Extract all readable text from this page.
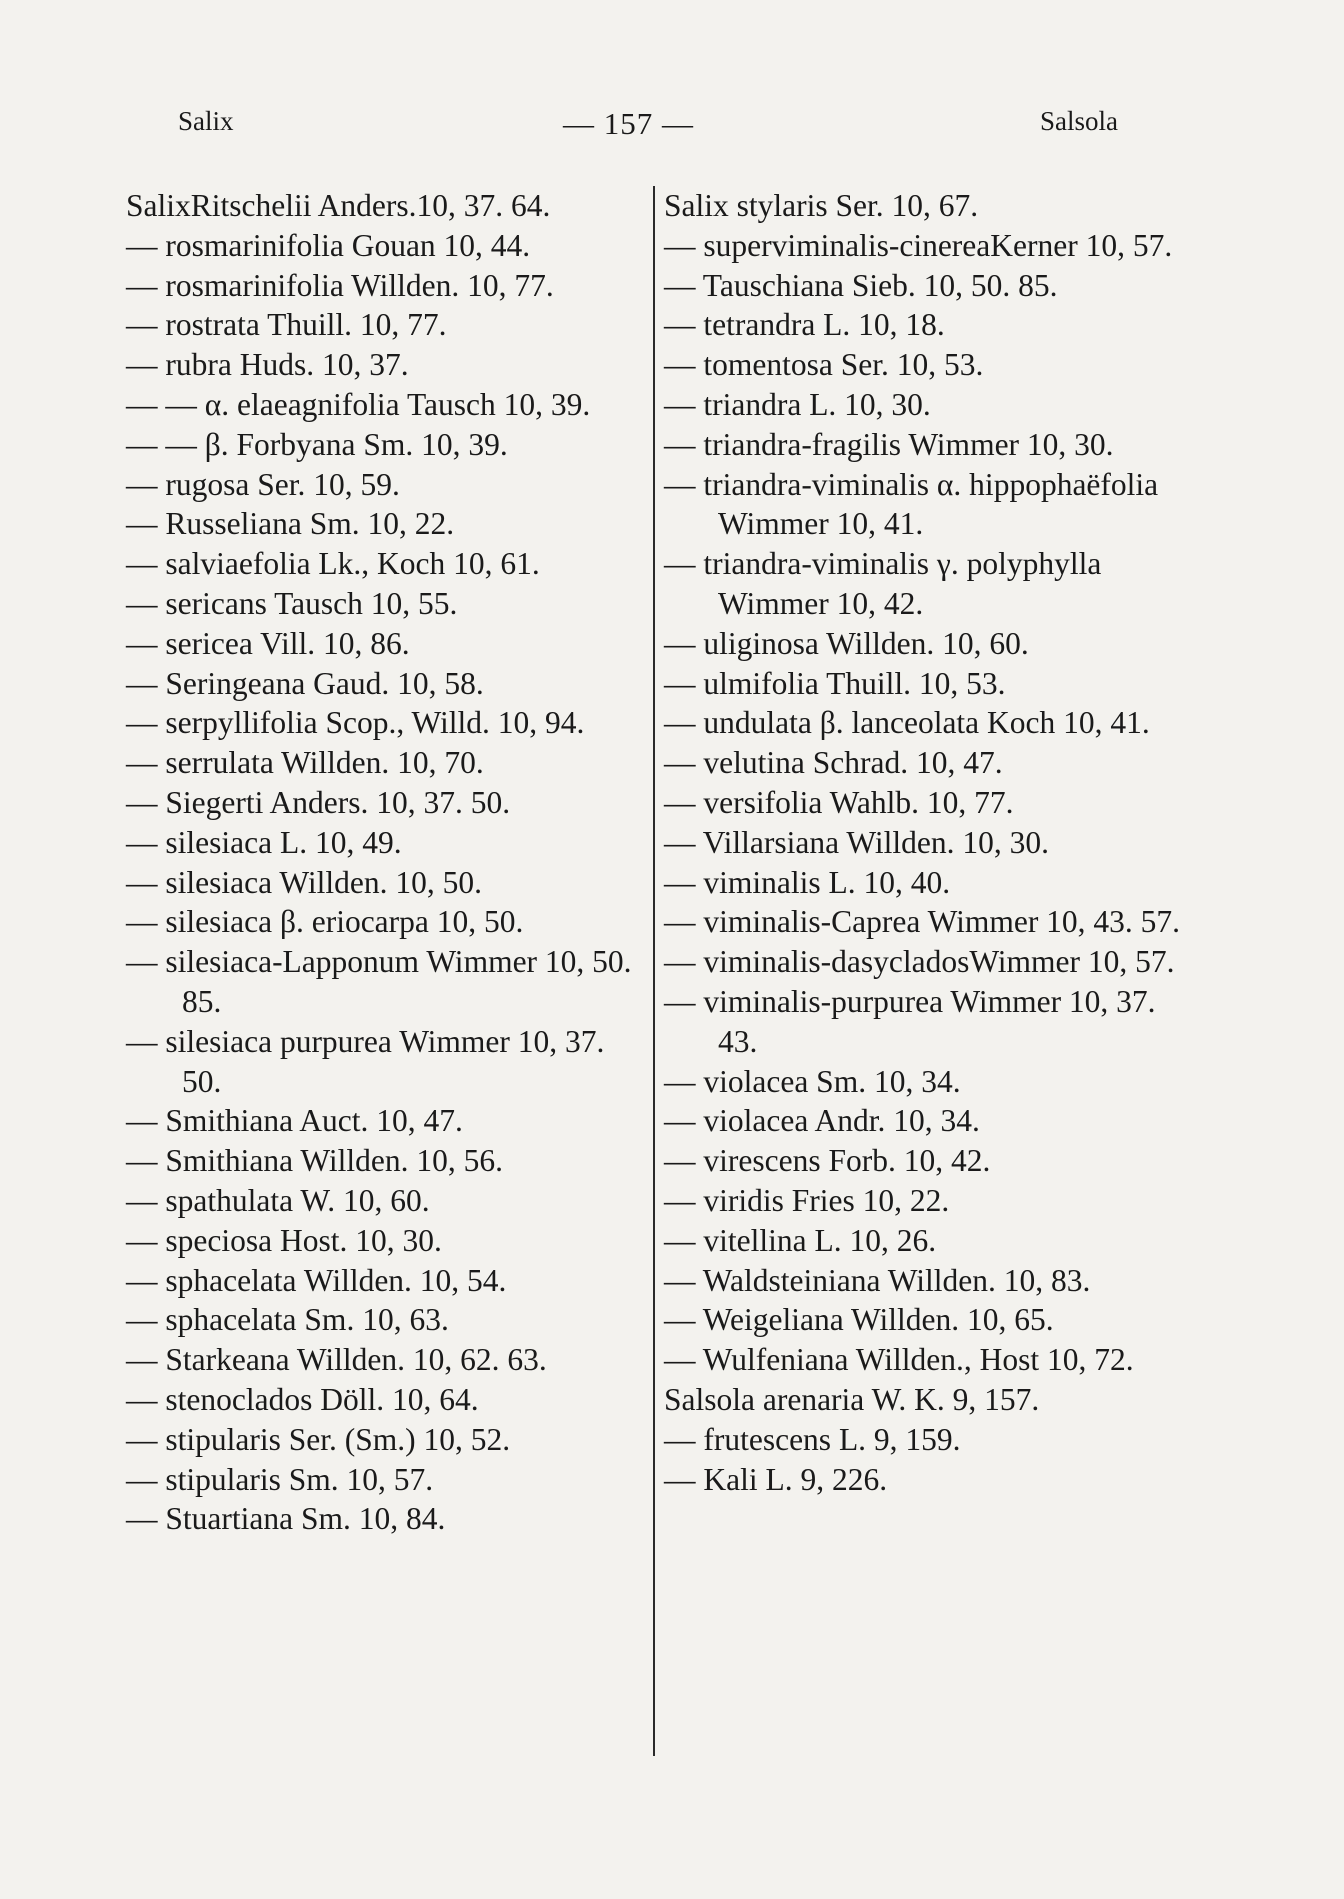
Salix	— 157 —	Salsola

SalixRitschelii Anders.10, 37. 64.

— rosmarinifolia Gouan 10, 44.

— rosmarinifolia Willden. 10, 77.

— rostrata Thuill. 10, 77.

— rubra Huds. 10, 37.

— — α. elaeagnifolia Tausch 10, 39.

— — β. Forbyana Sm. 10, 39.

— rugosa Ser. 10, 59.

— Russeliana Sm. 10, 22.

— salviaefolia Lk., Koch 10, 61.

— sericans Tausch 10, 55.

— sericea Vill. 10, 86.

— Seringeana Gaud. 10, 58.

— serpyllifolia Scop., Willd. 10, 94.

— serrulata Willden. 10, 70.

— Siegerti Anders. 10, 37. 50.

— silesiaca L. 10, 49.

— silesiaca Willden. 10, 50.

— silesiaca β. eriocarpa 10, 50.

— silesiaca-Lapponum Wimmer 10, 50. 85.

— silesiaca purpurea Wimmer 10, 37. 50.

— Smithiana Auct. 10, 47.

— Smithiana Willden. 10, 56.

— spathulata W. 10, 60.

— speciosa Host. 10, 30.

— sphacelata Willden. 10, 54.

— sphacelata Sm. 10, 63.

— Starkeana Willden. 10, 62. 63.

— stenoclados Döll. 10, 64.

— stipularis Ser. (Sm.) 10, 52.

— stipularis Sm. 10, 57.

— Stuartiana Sm. 10, 84.

Salix stylaris Ser. 10, 67.

— superviminalis-cinereaKerner 10, 57.

— Tauschiana Sieb. 10, 50. 85.

— tetrandra L. 10, 18.

— tomentosa Ser. 10, 53.

— triandra L. 10, 30.

— triandra-fragilis Wimmer 10, 30.

— triandra-viminalis α. hippophaëfolia Wimmer 10, 41.

— triandra-viminalis γ. polyphylla Wimmer 10, 42.

— uliginosa Willden. 10, 60.

— ulmifolia Thuill. 10, 53.

— undulata β. lanceolata Koch 10, 41.

— velutina Schrad. 10, 47.

— versifolia Wahlb. 10, 77.

— Villarsiana Willden. 10, 30.

— viminalis L. 10, 40.

— viminalis-Caprea Wimmer 10, 43. 57.

— viminalis-dasycladosWimmer 10, 57.

— viminalis-purpurea Wimmer 10, 37. 43.

— violacea Sm. 10, 34.

— violacea Andr. 10, 34.

— virescens Forb. 10, 42.

— viridis Fries 10, 22.

— vitellina L. 10, 26.

— Waldsteiniana Willden. 10, 83.

— Weigeliana Willden. 10, 65.

— Wulfeniana Willden., Host 10, 72.

Salsola arenaria W. K. 9, 157.

— frutescens L. 9, 159.

— Kali L. 9, 226.
